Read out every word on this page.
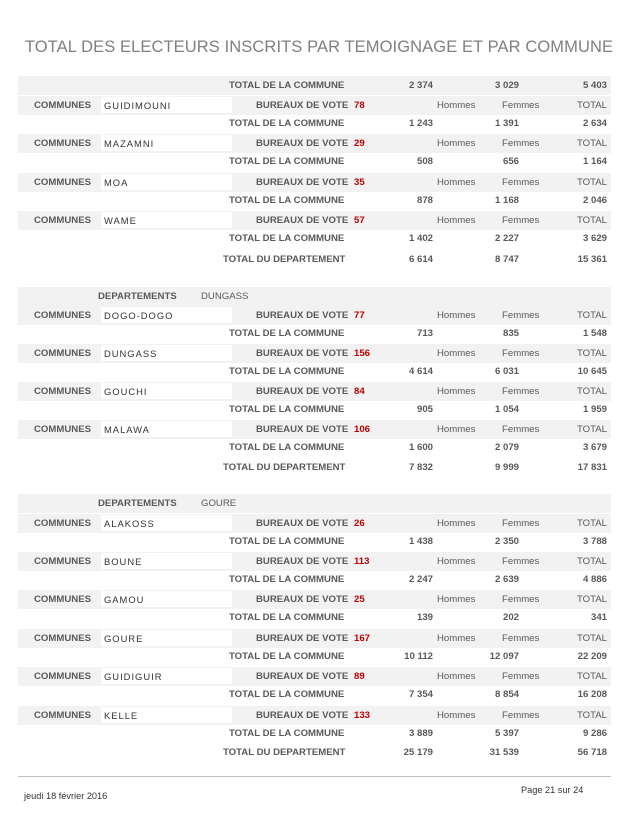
TOTAL DES ELECTEURS INSCRITS PAR TEMOIGNAGE ET PAR COMMUNE
TOTAL DE LA COMMUNE	2 374	3 029	5 403
COMMUNES GUIDIMOUNI	BUREAUX DE VOTE 78	Hommes	Femmes	TOTAL
TOTAL DE LA COMMUNE	1 243	1 391	2 634
COMMUNES MAZAMNI	BUREAUX DE VOTE 29	Hommes	Femmes	TOTAL
TOTAL DE LA COMMUNE	508	656	1 164
COMMUNES MOA	BUREAUX DE VOTE 35	Hommes	Femmes	TOTAL
TOTAL DE LA COMMUNE	878	1 168	2 046
COMMUNES WAME	BUREAUX DE VOTE 57	Hommes	Femmes	TOTAL
TOTAL DE LA COMMUNE	1 402	2 227	3 629
TOTAL DU DEPARTEMENT	6 614	8 747	15 361
DEPARTEMENTS	DUNGASS
COMMUNES DOGO-DOGO	BUREAUX DE VOTE 77	Hommes	Femmes	TOTAL
TOTAL DE LA COMMUNE	713	835	1 548
COMMUNES DUNGASS	BUREAUX DE VOTE 156	Hommes	Femmes	TOTAL
TOTAL DE LA COMMUNE	4 614	6 031	10 645
COMMUNES GOUCHI	BUREAUX DE VOTE 84	Hommes	Femmes	TOTAL
TOTAL DE LA COMMUNE	905	1 054	1 959
COMMUNES MALAWA	BUREAUX DE VOTE 106	Hommes	Femmes	TOTAL
TOTAL DE LA COMMUNE	1 600	2 079	3 679
TOTAL DU DEPARTEMENT	7 832	9 999	17 831
DEPARTEMENTS	GOURE
COMMUNES ALAKOSS	BUREAUX DE VOTE 26	Hommes	Femmes	TOTAL
TOTAL DE LA COMMUNE	1 438	2 350	3 788
COMMUNES BOUNE	BUREAUX DE VOTE 113	Hommes	Femmes	TOTAL
TOTAL DE LA COMMUNE	2 247	2 639	4 886
COMMUNES GAMOU	BUREAUX DE VOTE 25	Hommes	Femmes	TOTAL
TOTAL DE LA COMMUNE	139	202	341
COMMUNES GOURE	BUREAUX DE VOTE 167	Hommes	Femmes	TOTAL
TOTAL DE LA COMMUNE	10 112	12 097	22 209
COMMUNES GUIDIGUIR	BUREAUX DE VOTE 89	Hommes	Femmes	TOTAL
TOTAL DE LA COMMUNE	7 354	8 854	16 208
COMMUNES KELLE	BUREAUX DE VOTE 133	Hommes	Femmes	TOTAL
TOTAL DE LA COMMUNE	3 889	5 397	9 286
TOTAL DU DEPARTEMENT	25 179	31 539	56 718
jeudi 18 février 2016
Page 21 sur 24
